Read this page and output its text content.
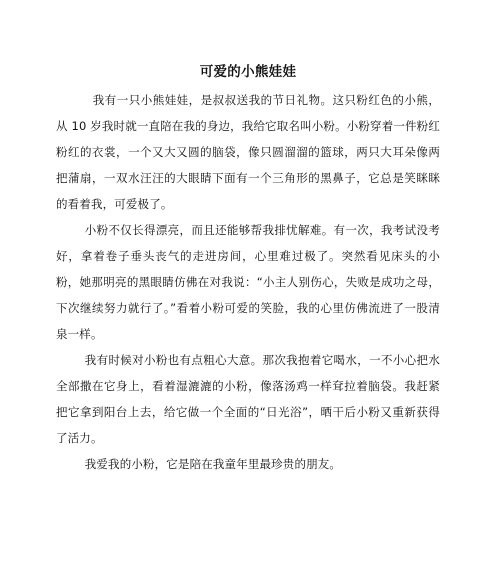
可爱的小熊娃娃

我有一只小熊娃娃，是叔叔送我的节日礼物。这只粉红色的小熊，从 10 岁我时就一直陪在我的身边，我给它取名叫小粉。小粉穿着一件粉红粉红的衣裳，一个又大又圆的脑袋，像只圆溜溜的篮球，两只大耳朵像两把蒲扇，一双水汪汪的大眼睛下面有一个三角形的黑鼻子，它总是笑眯眯的看着我，可爱极了。

小粉不仅长得漂亮，而且还能够帮我排忧解难。有一次，我考试没考好，拿着卷子垂头丧气的走进房间，心里难过极了。突然看见床头的小粉，她那明亮的黑眼睛仿佛在对我说：“小主人别伤心，失败是成功之母，下次继续努力就行了。”看着小粉可爱的笑脸，我的心里仿佛流进了一股清泉一样。

我有时候对小粉也有点粗心大意。那次我抱着它喝水，一不小心把水全部撒在它身上，看着湿漉漉的小粉，像落汤鸡一样耷拉着脑袋。我赶紧把它拿到阳台上去，给它做一个全面的“日光浴”，晒干后小粉又重新获得了活力。

我爱我的小粉，它是陪在我童年里最珍贵的朋友。
